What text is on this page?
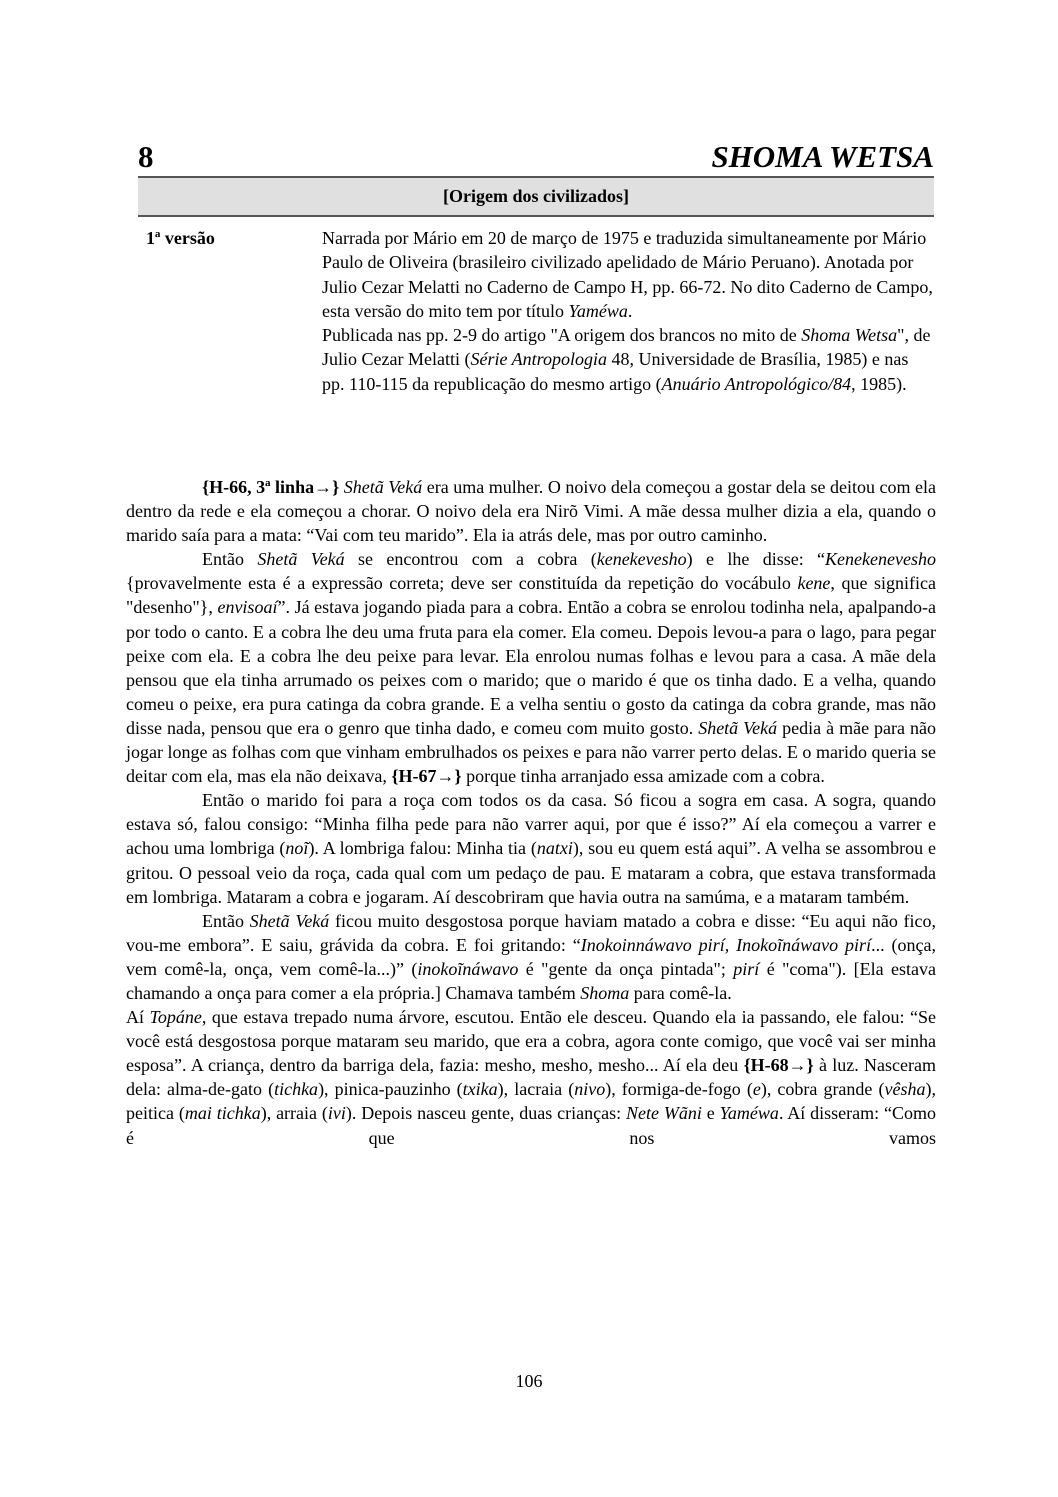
8	SHOMA WETSA
[Origem dos civilizados]
1ª versão	Narrada por Mário em 20 de março de 1975 e traduzida simultaneamente por Mário Paulo de Oliveira (brasileiro civilizado apelidado de Mário Peruano). Anotada por Julio Cezar Melatti no Caderno de Campo H, pp. 66-72. No dito Caderno de Campo, esta versão do mito tem por título Yaméwa.

Publicada nas pp. 2-9 do artigo "A origem dos brancos no mito de Shoma Wetsa", de Julio Cezar Melatti (Série Antropologia 48, Universidade de Brasília, 1985) e nas pp. 110-115 da republicação do mesmo artigo (Anuário Antropológico/84, 1985).

{H-66, 3ª linha→} Shetã Veká era uma mulher. O noivo dela começou a gostar dela se deitou com ela dentro da rede e ela começou a chorar. O noivo dela era Nirõ Vimi. A mãe dessa mulher dizia a ela, quando o marido saía para a mata: “Vai com teu marido”. Ela ia atrás dele, mas por outro caminho.

Então Shetã Veká se encontrou com a cobra (kenekevesho) e lhe disse: “Kenekenevesho {provavelmente esta é a expressão correta; deve ser constituída da repetição do vocábulo kene, que significa "desenho"}, envisoaí”. Já estava jogando piada para a cobra. Então a cobra se enrolou todinha nela, apalpando-a por todo o canto. E a cobra lhe deu uma fruta para ela comer. Ela comeu. Depois levou-a para o lago, para pegar peixe com ela. E a cobra lhe deu peixe para levar. Ela enrolou numas folhas e levou para a casa. A mãe dela pensou que ela tinha arrumado os peixes com o marido; que o marido é que os tinha dado. E a velha, quando comeu o peixe, era pura catinga da cobra grande. E a velha sentiu o gosto da catinga da cobra grande, mas não disse nada, pensou que era o genro que tinha dado, e comeu com muito gosto. Shetã Veká pedia à mãe para não jogar longe as folhas com que vinham embrulhados os peixes e para não varrer perto delas. E o marido queria se deitar com ela, mas ela não deixava, {H-67→} porque tinha arranjado essa amizade com a cobra.

Então o marido foi para a roça com todos os da casa. Só ficou a sogra em casa. A sogra, quando estava só, falou consigo: “Minha filha pede para não varrer aqui, por que é isso?” Aí ela começou a varrer e achou uma lombriga (noĩ). A lombriga falou: Minha tia (natxi), sou eu quem está aqui”. A velha se assombrou e gritou. O pessoal veio da roça, cada qual com um pedaço de pau. E mataram a cobra, que estava transformada em lombriga. Mataram a cobra e jogaram. Aí descobriram que havia outra na samúma, e a mataram também.

Então Shetã Veká ficou muito desgostosa porque haviam matado a cobra e disse: “Eu aqui não fico, vou-me embora”. E saiu, grávida da cobra. E foi gritando: “Inokoinnáwavo pirí, Inokoĩnáwavo pirí... (onça, vem comê-la, onça, vem comê-la...)” (inokoĩnáwavo é "gente da onça pintada"; pirí é "coma"). [Ela estava chamando a onça para comer a ela própria.] Chamava também Shoma para comê-la.

Aí Topáne, que estava trepado numa árvore, escutou. Então ele desceu. Quando ela ia passando, ele falou: “Se você está desgostosa porque mataram seu marido, que era a cobra, agora conte comigo, que você vai ser minha esposa”. A criança, dentro da barriga dela, fazia: mesho, mesho, mesho... Aí ela deu {H-68→} à luz. Nasceram dela: alma-de-gato (tichka), pinica-pauzinho (txika), lacraia (nivo), formiga-de-fogo (e), cobra grande (vêsha), peitica (mai tichka), arraia (ivi). Depois nasceu gente, duas crianças: Nete Wãni e Yaméwa. Aí disseram: “Como é que nos vamos

106
